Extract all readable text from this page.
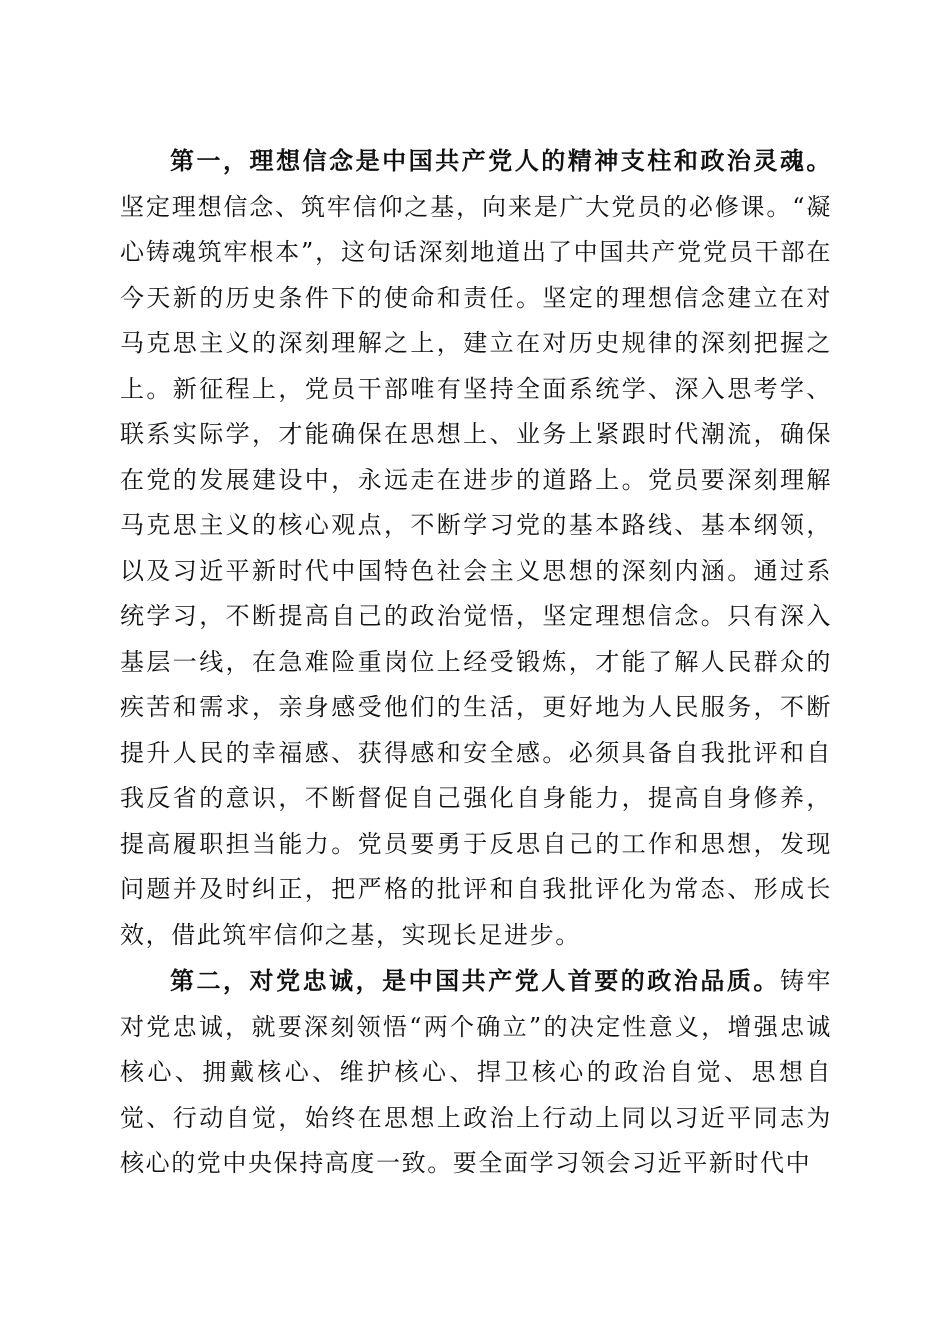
第一，理想信念是中国共产党人的精神支柱和政治灵魂。坚定理想信念、筑牢信仰之基，向来是广大党员的必修课。“凝心铸魂筑牢根本”，这句话深刻地道出了中国共产党党员干部在今天新的历史条件下的使命和责任。坚定的理想信念建立在对马克思主义的深刻理解之上，建立在对历史规律的深刻把握之上。新征程上，党员干部唯有坚持全面系统学、深入思考学、联系实际学，才能确保在思想上、业务上紧跟时代潮流，确保在党的发展建设中，永远走在进步的道路上。党员要深刻理解马克思主义的核心观点，不断学习党的基本路线、基本纲领，以及习近平新时代中国特色社会主义思想的深刻内涵。通过系统学习，不断提高自己的政治觉悟，坚定理想信念。只有深入基层一线，在急难险重岗位上经受锻炼，才能了解人民群众的疾苦和需求，亲身感受他们的生活，更好地为人民服务，不断提升人民的幸福感、获得感和安全感。必须具备自我批评和自我反省的意识，不断督促自己强化自身能力，提高自身修养，提高履职担当能力。党员要勇于反思自己的工作和思想，发现问题并及时纠正，把严格的批评和自我批评化为常态、形成长效，借此筑牢信仰之基，实现长足进步。

第二，对党忠诚，是中国共产党人首要的政治品质。铸牢对党忠诚，就要深刻领悟“两个确立”的决定性意义，增强忠诚核心、拥戴核心、维护核心、捍卫核心的政治自觉、思想自觉、行动自觉，始终在思想上政治上行动上同以习近平同志为核心的党中央保持高度一致。要全面学习领会习近平新时代中
